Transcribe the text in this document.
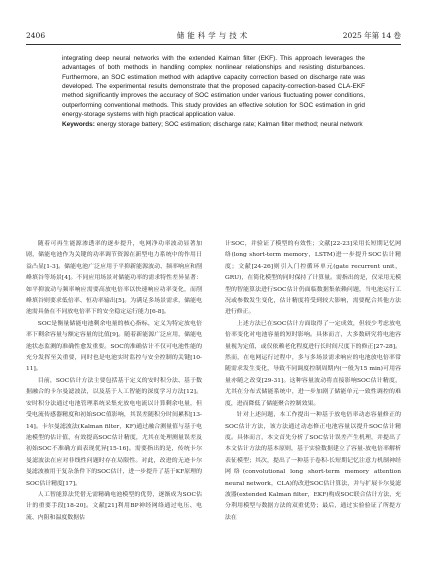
2406	储能科学与技术	2025 年第 14 卷

integrating deep neural networks with the extended Kalman filter (EKF). This approach leverages the advantages of both methods in handling complex nonlinear relationships and resisting disturbances. Furthermore, an SOC estimation method with adaptive capacity correction based on discharge rate was developed. The experimental results demonstrate that the proposed capacity-correction-based CLA-EKF method significantly improves the accuracy of SOC estimation under various fluctuating power conditions, outperforming conventional methods. This study provides an effective solution for SOC estimation in grid energy-storage systems with high practical application value.

Keywords: energy storage battery; SOC estimation; discharge rate; Kalman filter method; neural network

随着可再生能源渗透率的逐步提升，电网净功率波动显著加剧，储能电池作为关键的功率调节资源在新型电力系统中的作用日益凸显[1-3]。储能电池广泛应用于平抑新能源波动、频率响应和削峰填谷等场景[4]。不同应用场景对储能功率的需求特性差异显著：如平抑波动与频率响应需要高放电倍率以快速响应功率变化，而削峰填谷则要求低倍率、恒功率输出[5]。为满足多场景需求，储能电池需具备在不同放电倍率下的安全稳定运行能力[6-8]。

SOC是衡量储能电池剩余电量的核心指标，定义为特定放电倍率下剩余容量与额定容量的比值[9]。随着新能源广泛应用，储能电池状态监测的准确性愈发重要。SOC的准确估计不仅可电池性能的充分发挥至关重要，同时也是电池实时监控与安全控制的关键[10-11]。

目前，SOC估计方法主要包括基于定义的安时积分法、基于数据融合的卡尔曼滤波法，以及基于人工智能的深度学习方法[12]。安时积分法通过电池管理系统采集充放电电流以计算剩余电量，但受电流传感器精度和初始SOC值影响，其误差随积分时间累积[13-14]。卡尔曼滤波法(Kalman filter，KF)通过融合测量值与基于电池模型的估计值，有效提高SOC估计精度，尤其在处理测量误差及初始SOC不准确方面表现优异[15-16]。需要指出的是，传统卡尔曼滤波法在应对非线性问题时存在局限性。对此，改进的无迹卡尔曼滤波被用于复杂条件下的SOC估计，进一步提升了基于KF原理的SOC估计精度[17]。

人工智能算法凭借无需精确电池模型的优势，逐渐成为SOC估计的重要手段[18-20]。文献[21]利用BP神经网络通过电压、电流、内阻和温度数据估

计SOC，并验证了模型的有效性；文献[22-23]采用长短期记忆网络(long short-term memory，LSTM)进一步提升SOC估计精度；文献[24-26]则引入门控循环单元(gate recurrent unit，GRU)，在简化模型的同时保持了计算量。需指出的是，仅采用无模型的智能算法进行SOC估计仍面临数据集依赖问题，当电池运行工况或参数发生变化，估计精度将受到较大影响，需要配合其他方法进行修正。

上述方法已在SOC估计方面取得了一定成效，但较少考虑放电倍率变化对电池容量的短时影响。具体而言，大多数研究将电池容量视为定值，或仅依赖老化程度进行长时间尺度下的修正[27-28]。然而，在电网运行过程中，多与多场景需求响应的电池放电倍率常随需求发生变化，导致不同调度控制周期内(一般为15 min)可用容量亦随之改变[29-31]。这种容量波动将直接影响SOC估计精度，尤其在分布式储能系统中，进一步加剧了储能单元一致性调控的难度，进而降低了储能聚合控制效果。

针对上述问题，本工作提出一种基于放电倍率动态容量修正的SOC估计方法，该方法通过动态修正电池容量以提升SOC估计精度。具体而言，本文首先分析了SOC估计误差产生机理，并提出了本文估计方法的基本原则，基于实验数据建立了容量-放电倍率解析表征模型；其次，提出了一种基于卷积-长短期记忆注意力机制神经网络(convolutional long short-term memory attention neural network，CLA)的改进SOC估计算法，并与扩展卡尔曼滤波器(extended Kalman filter，EKF)构成SOC联合估计方法，充分利用模型与数据方法的双重优势；最后，通过实验验证了所提方法在
